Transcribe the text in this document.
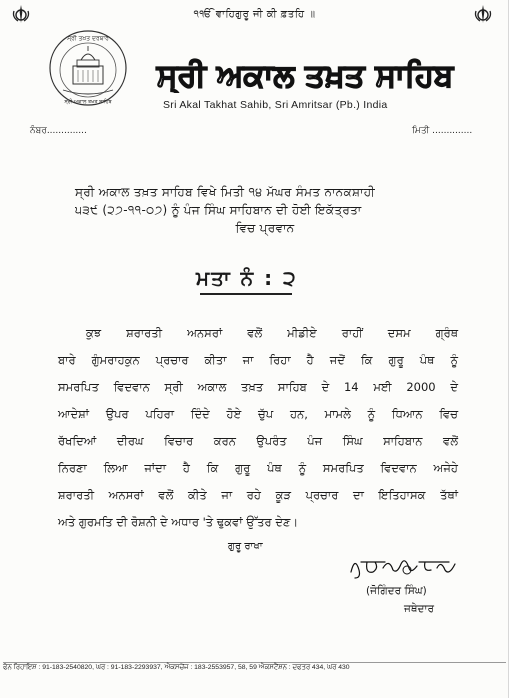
੧ੴ ਵਾਹਿਗੁਰੂ ਜੀ ਕੀ ਫ਼ਤਹਿ ॥
ਸ੍ਰੀ ਤਖ਼ਤ ਦਰਬਾਰ
ਸ੍ਰੀ ਅਕਾਲ ਤਖ਼ਤ ਸਾਹਿਬ
ਸ੍ਰੀ ਅਕਾਲ ਤਖ਼ਤ ਸਾਹਿਬ
Sri Akal Takhat Sahib, Sri Amritsar (Pb.) India
ਨੰਬਰ..............	ਮਿਤੀ ..............
ਸ੍ਰੀ ਅਕਾਲ ਤਖ਼ਤ ਸਾਹਿਬ ਵਿਖੇ ਮਿਤੀ ੧੪ ਮੱਘਰ ਸੰਮਤ ਨਾਨਕਸ਼ਾਹੀ
੫੩੯ (੨੭-੧੧-੦੭) ਨੂੰ ਪੰਜ ਸਿੰਘ ਸਾਹਿਬਾਨ ਦੀ ਹੋਈ ਇਕੱਤ੍ਰਤਾ
ਵਿਚ ਪ੍ਰਵਾਨ
ਮਤਾ ਨੰ : ੨
ਕੁਝ ਸ਼ਰਾਰਤੀ ਅਨਸਰਾਂ ਵਲੋਂ ਮੀਡੀਏ ਰਾਹੀਂ ਦਸਮ ਗ੍ਰੰਥ
ਬਾਰੇ ਗੁੰਮਰਾਹਕੁਨ ਪ੍ਰਚਾਰ ਕੀਤਾ ਜਾ ਰਿਹਾ ਹੈ ਜਦੋਂ ਕਿ ਗੁਰੂ ਪੰਥ ਨੂੰ
ਸਮਰਪਿਤ ਵਿਦਵਾਨ ਸ੍ਰੀ ਅਕਾਲ ਤਖ਼ਤ ਸਾਹਿਬ ਦੇ 14 ਮਈ 2000 ਦੇ
ਆਦੇਸ਼ਾਂ ਉਪਰ ਪਹਿਰਾ ਦਿੰਦੇ ਹੋਏ ਚੁੱਪ ਹਨ, ਮਾਮਲੇ ਨੂੰ ਧਿਆਨ ਵਿਚ
ਰੱਖਦਿਆਂ ਦੀਰਘ ਵਿਚਾਰ ਕਰਨ ਉਪਰੰਤ ਪੰਜ ਸਿੰਘ ਸਾਹਿਬਾਨ ਵਲੋਂ
ਨਿਰਣਾ ਲਿਆ ਜਾਂਦਾ ਹੈ ਕਿ ਗੁਰੂ ਪੰਥ ਨੂੰ ਸਮਰਪਿਤ ਵਿਦਵਾਨ ਅਜੇਹੇ
ਸ਼ਰਾਰਤੀ ਅਨਸਰਾਂ ਵਲੋਂ ਕੀਤੇ ਜਾ ਰਹੇ ਕੂੜ ਪ੍ਰਚਾਰ ਦਾ ਇਤਿਹਾਸਕ ਤੱਥਾਂ
ਅਤੇ ਗੁਰਮਤਿ ਦੀ ਰੋਸ਼ਨੀ ਦੇ ਅਧਾਰ 'ਤੇ ਢੁਕਵਾਂ ਉੱਤਰ ਦੇਣ।
ਗੁਰੂ ਰਾਖਾ
(ਜੋਗਿੰਦਰ ਸਿੰਘ)
ਜਥੇਦਾਰ
ਫੋਨ ਰਿਹਾਇਸ਼ : 91-183-2540820, ਘਰ : 91-183-2293937, ਐਕਸਚੇਂਜ : 183-2553957, 58, 59 ਐਕਸਟੈਂਸ਼ਨ : ਦਫਤਰ 434, ਘਰ 430
